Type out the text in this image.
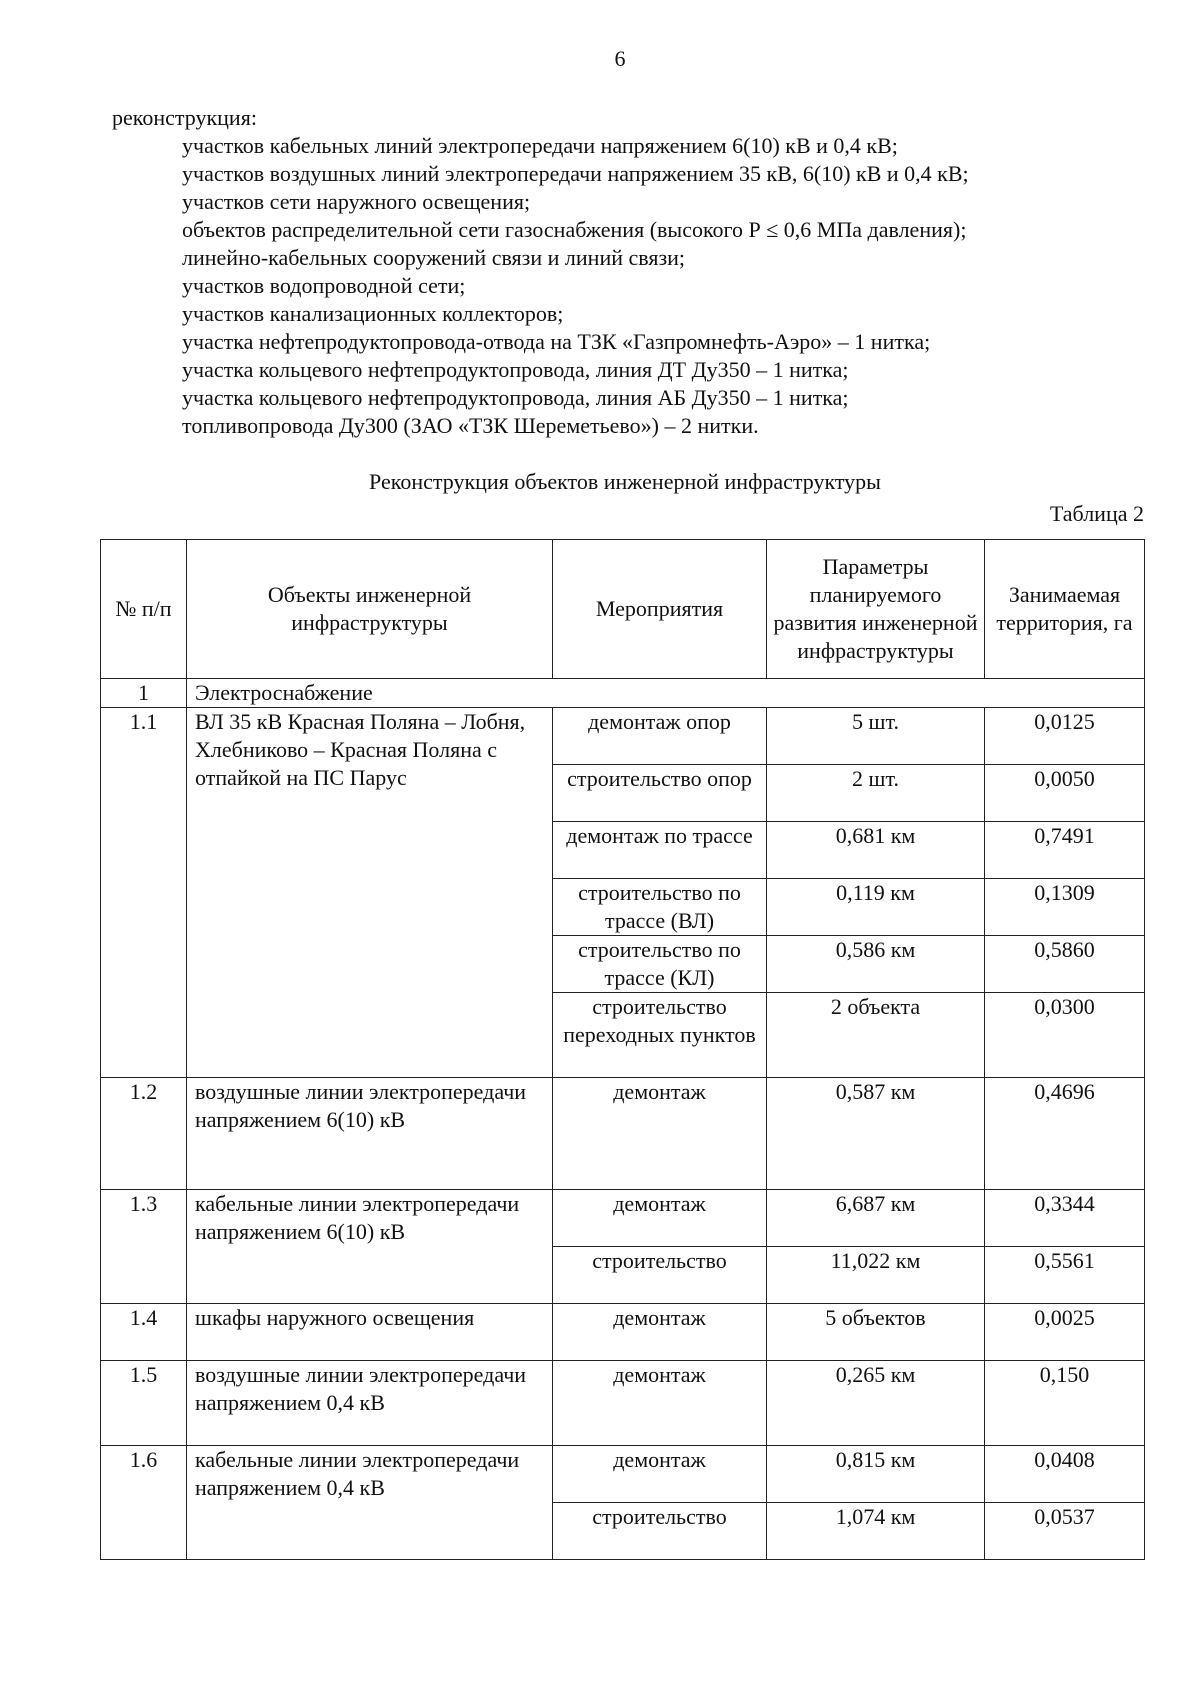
6

реконструкция:

участков кабельных линий электропередачи напряжением 6(10) кВ и 0,4 кВ;
участков воздушных линий электропередачи напряжением 35 кВ, 6(10) кВ и 0,4 кВ;
участков сети наружного освещения;
объектов распределительной сети газоснабжения (высокого Р ≤ 0,6 МПа давления);
линейно-кабельных сооружений связи и линий связи;
участков водопроводной сети;
участков канализационных коллекторов;
участка нефтепродуктопровода-отвода на ТЗК «Газпромнефть-Аэро» – 1 нитка;
участка кольцевого нефтепродуктопровода, линия ДТ Ду350 – 1 нитка;
участка кольцевого нефтепродуктопровода, линия АБ Ду350 – 1 нитка;
топливопровода Ду300 (ЗАО «ТЗК Шереметьево») – 2 нитки.
Реконструкция объектов инженерной инфраструктуры
Таблица 2
№ п/п	Объекты инженерной инфраструктуры	Мероприятия	Параметры планируемого развития инженерной инфраструктуры	Занимаемая территория, га
1	Электроснабжение			
1.1	ВЛ 35 кВ Красная Поляна – Лобня, Хлебниково – Красная Поляна с отпайкой на ПС Парус	демонтаж опор	5 шт.	0,0125
		строительство опор	2 шт.	0,0050
		демонтаж по трассе	0,681 км	0,7491
		строительство по трассе (ВЛ)	0,119 км	0,1309
		строительство по трассе (КЛ)	0,586 км	0,5860
		строительство переходных пунктов	2 объекта	0,0300
1.2	воздушные линии электропередачи напряжением 6(10) кВ	демонтаж	0,587 км	0,4696
1.3	кабельные линии электропередачи напряжением 6(10) кВ	демонтаж	6,687 км	0,3344
		строительство	11,022 км	0,5561
1.4	шкафы наружного освещения	демонтаж	5 объектов	0,0025
1.5	воздушные линии электропередачи напряжением 0,4 кВ	демонтаж	0,265 км	0,150
1.6	кабельные линии электропередачи напряжением 0,4 кВ	демонтаж	0,815 км	0,0408
		строительство	1,074 км	0,0537
